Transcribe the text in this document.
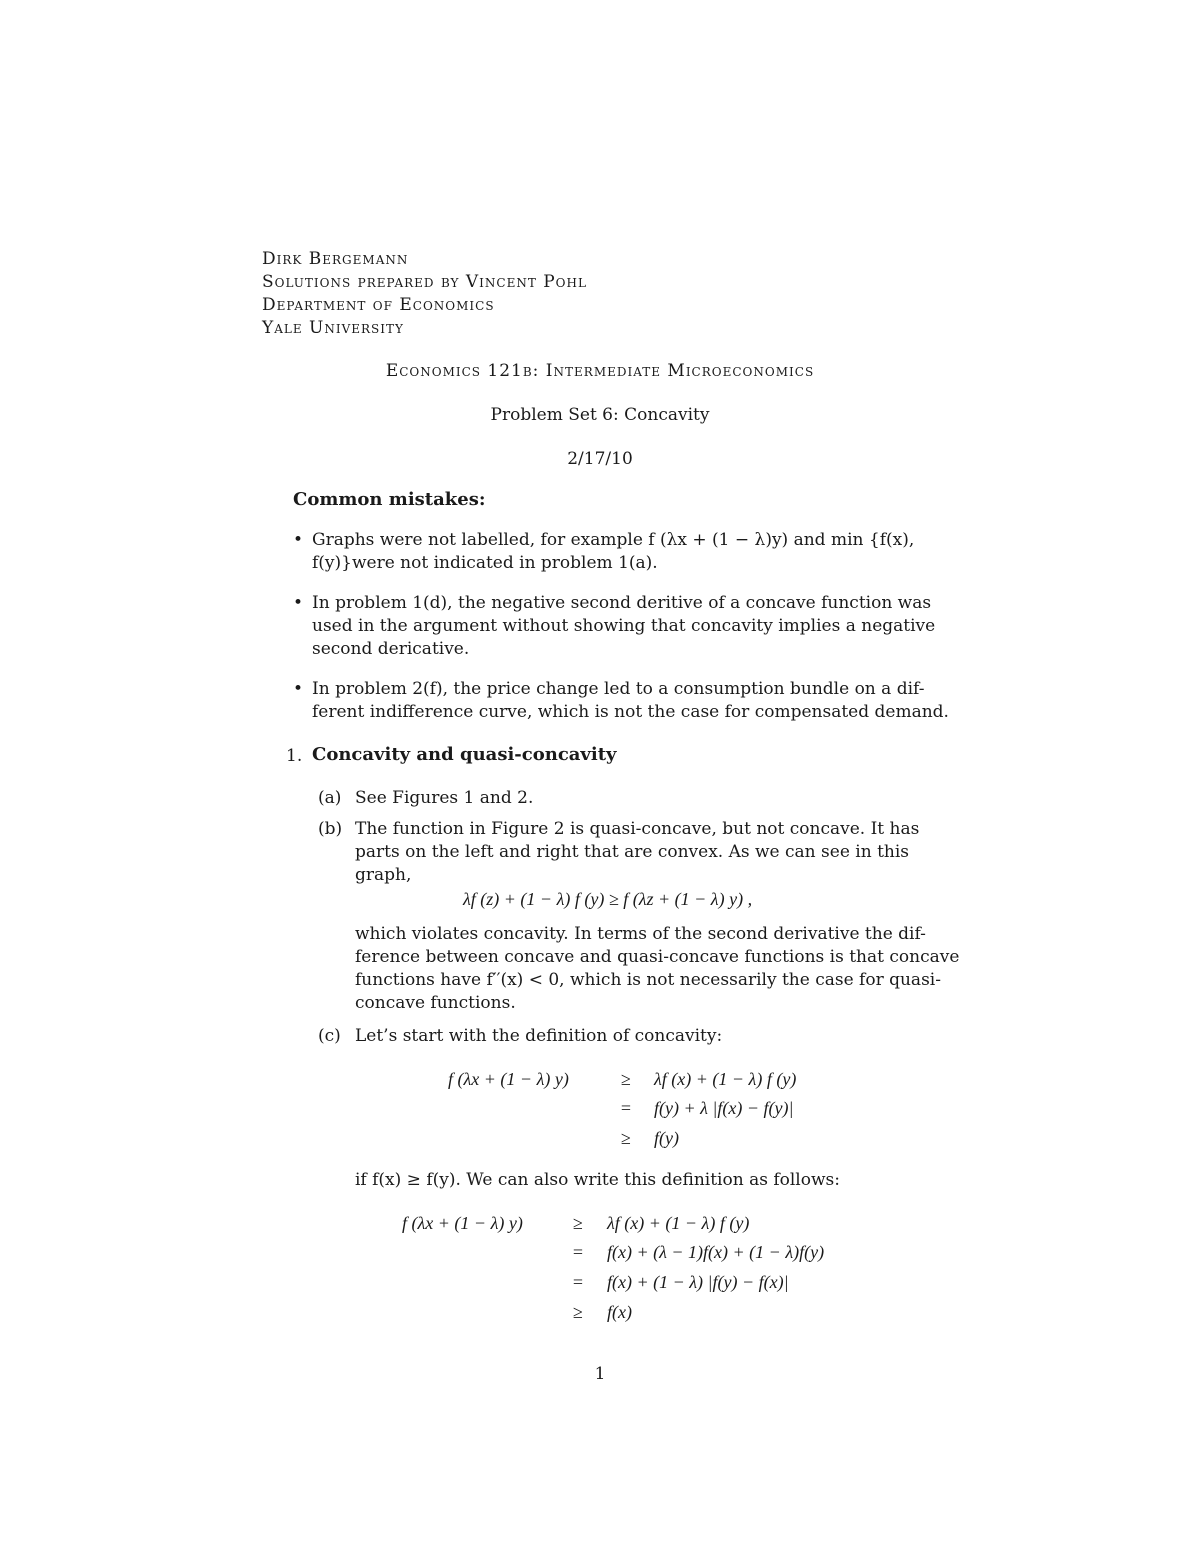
Dirk Bergemann
Solutions prepared by Vincent Pohl
Department of Economics
Yale University
Economics 121b: Intermediate Microeconomics
Problem Set 6: Concavity
2/17/10
Common mistakes:
• Graphs were not labelled, for example f (λx + (1 − λ)y) and min {f(x),
f(y)}were not indicated in problem 1(a).
• In problem 1(d), the negative second deritive of a concave function was
used in the argument without showing that concavity implies a negative
second dericative.
• In problem 2(f), the price change led to a consumption bundle on a dif-
ferent indifference curve, which is not the case for compensated demand.
1. Concavity and quasi-concavity
(a) See Figures 1 and 2.
(b) The function in Figure 2 is quasi-concave, but not concave. It has
parts on the left and right that are convex. As we can see in this
graph,
λf (z) + (1 − λ) f (y) ≥ f (λz + (1 − λ) y) ,
which violates concavity. In terms of the second derivative the dif-
ference between concave and quasi-concave functions is that concave
functions have f′′(x) < 0, which is not necessarily the case for quasi-
concave functions.
(c) Let’s start with the definition of concavity:
f (λx + (1 − λ) y)	≥	λf (x) + (1 − λ) f (y)
=	f(y) + λ |f(x) − f(y)|
≥	f(y)
if f(x) ≥ f(y). We can also write this definition as follows:
f (λx + (1 − λ) y)	≥	λf (x) + (1 − λ) f (y)
=	f(x) + (λ − 1)f(x) + (1 − λ)f(y)
=	f(x) + (1 − λ) |f(y) − f(x)|
≥	f(x)
1
